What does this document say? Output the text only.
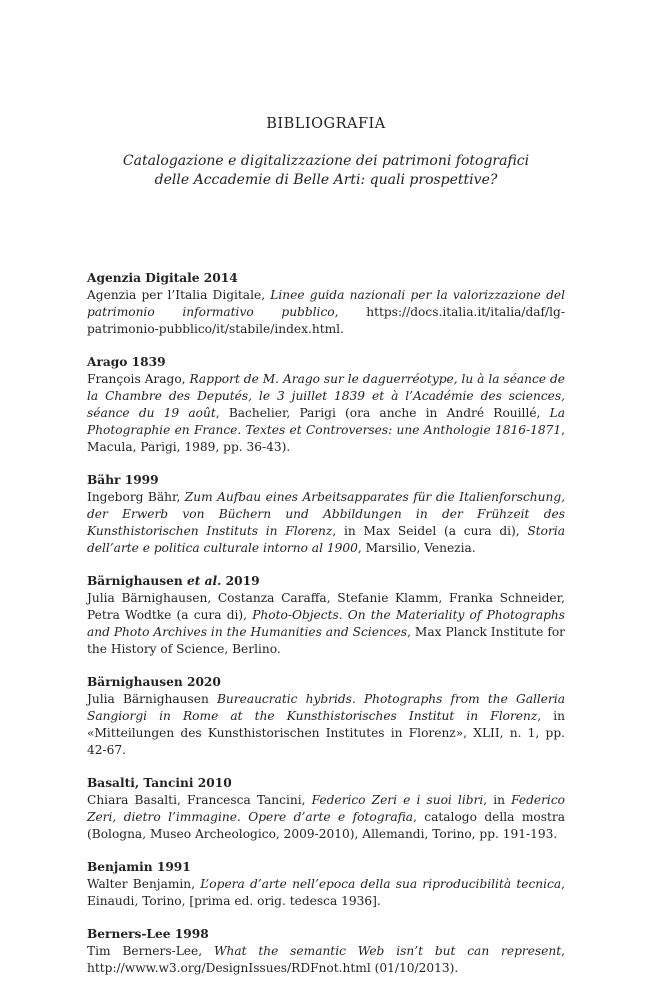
BIBLIOGRAFIA
Catalogazione e digitalizzazione dei patrimoni fotografici
delle Accademie di Belle Arti: quali prospettive?

Agenzia Digitale 2014

Agenzia per l’Italia Digitale, Linee guida nazionali per la valorizzazione del patrimonio informativo pubblico, https://docs.italia.it/italia/daf/lg-patrimonio-pubblico/it/stabile/index.html.

Arago 1839

François Arago, Rapport de M. Arago sur le daguerréotype, lu à la séance de la Chambre des Deputés, le 3 juillet 1839 et à l’Académie des sciences, séance du 19 août, Bachelier, Parigi (ora anche in André Rouillé, La Photographie en France. Textes et Controverses: une Anthologie 1816-1871, Macula, Parigi, 1989, pp. 36-43).

Bähr 1999

Ingeborg Bähr, Zum Aufbau eines Arbeitsapparates für die Italienforschung, der Erwerb von Büchern und Abbildungen in der Frühzeit des Kunsthistorischen Instituts in Florenz, in Max Seidel (a cura di), Storia dell’arte e politica culturale intorno al 1900, Marsilio, Venezia.

Bärnighausen et al. 2019

Julia Bärnighausen, Costanza Caraffa, Stefanie Klamm, Franka Schneider, Petra Wodtke (a cura di), Photo-Objects. On the Materiality of Photographs and Photo Archives in the Humanities and Sciences, Max Planck Institute for the History of Science, Berlino.

Bärnighausen 2020

Julia Bärnighausen Bureaucratic hybrids. Photographs from the Galleria Sangiorgi in Rome at the Kunsthistorisches Institut in Florenz, in «Mitteilungen des Kunsthistorischen Institutes in Florenz», XLII, n. 1, pp. 42-67.

Basalti, Tancini 2010

Chiara Basalti, Francesca Tancini, Federico Zeri e i suoi libri, in Federico Zeri, dietro l’immagine. Opere d’arte e fotografia, catalogo della mostra (Bologna, Museo Archeologico, 2009-2010), Allemandi, Torino, pp. 191-193.

Benjamin 1991

Walter Benjamin, L’opera d’arte nell’epoca della sua riproducibilità tecnica, Einaudi, Torino, [prima ed. orig. tedesca 1936].

Berners-Lee 1998

Tim Berners-Lee, What the semantic Web isn’t but can represent, http://www.w3.org/DesignIssues/RDFnot.html (01/10/2013).
